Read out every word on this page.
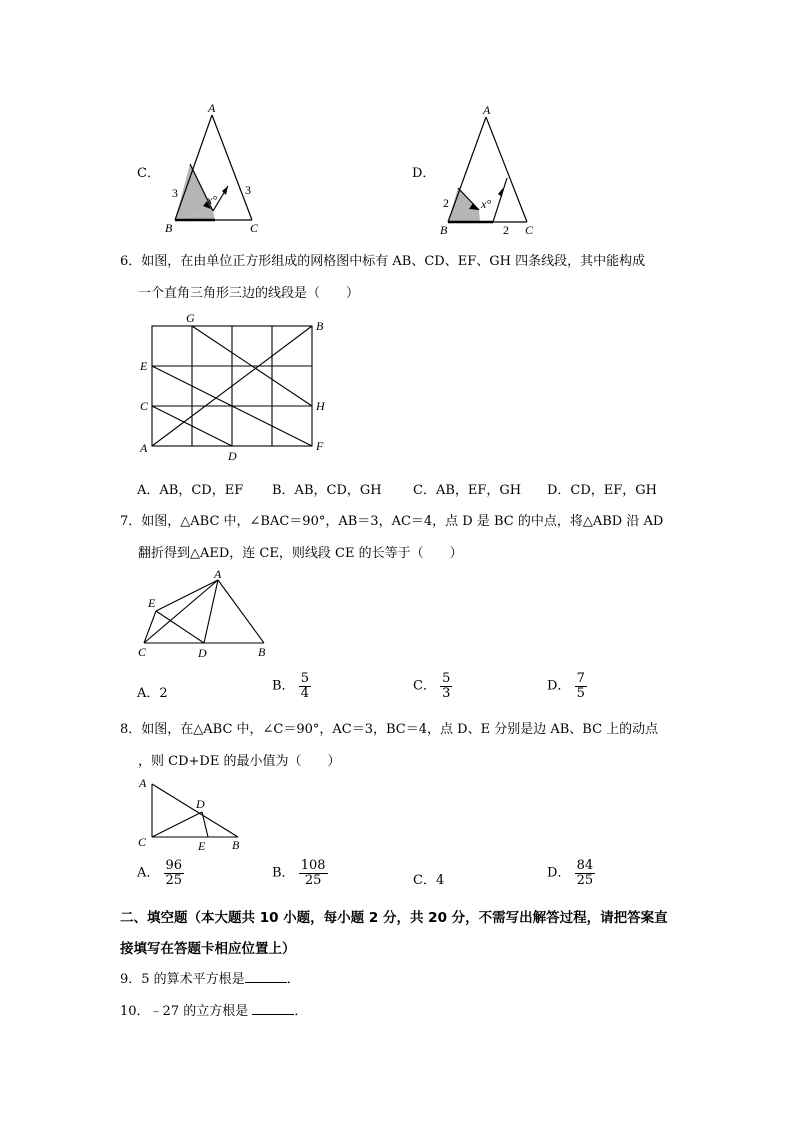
C．
A
B	C
3	3
x°
D．
A
B	C
2
2
x°
6．如图，在由单位正方形组成的网格图中标有 AB、CD、EF、GH 四条线段，其中能构成
一个直角三角形三边的线段是（　　）
G
B
E
C	H
A
D
F
A．AB，CD，EF B．AB，CD，GH C．AB，EF，GH D．CD，EF，GH
7．如图，△ABC 中，∠BAC＝90°，AB＝3，AC＝4，点 D 是 BC 的中点，将△ABD 沿 AD
翻折得到△AED，连 CE，则线段 CE 的长等于（　　）
A
E
C	D	B
A．2	B． $\frac{5}{4}$	C． $\frac{5}{3}$	D． $\frac{7}{5}$
8．如图，在△ABC 中，∠C＝90°，AC＝3，BC＝4，点 D、E 分别是边 AB、BC 上的动点
，则 CD+DE 的最小值为（　　）
A
D
C	E B
A． $\frac{96}{25}$	B． $\frac{108}{25}$	C．4	D． $\frac{84}{25}$
二、填空题（本大题共 10 小题，每小题 2 分，共 20 分，不需写出解答过程，请把答案直
接填写在答题卡相应位置上）
9．5 的算术平方根是	．
10．﹣27 的立方根是	．
